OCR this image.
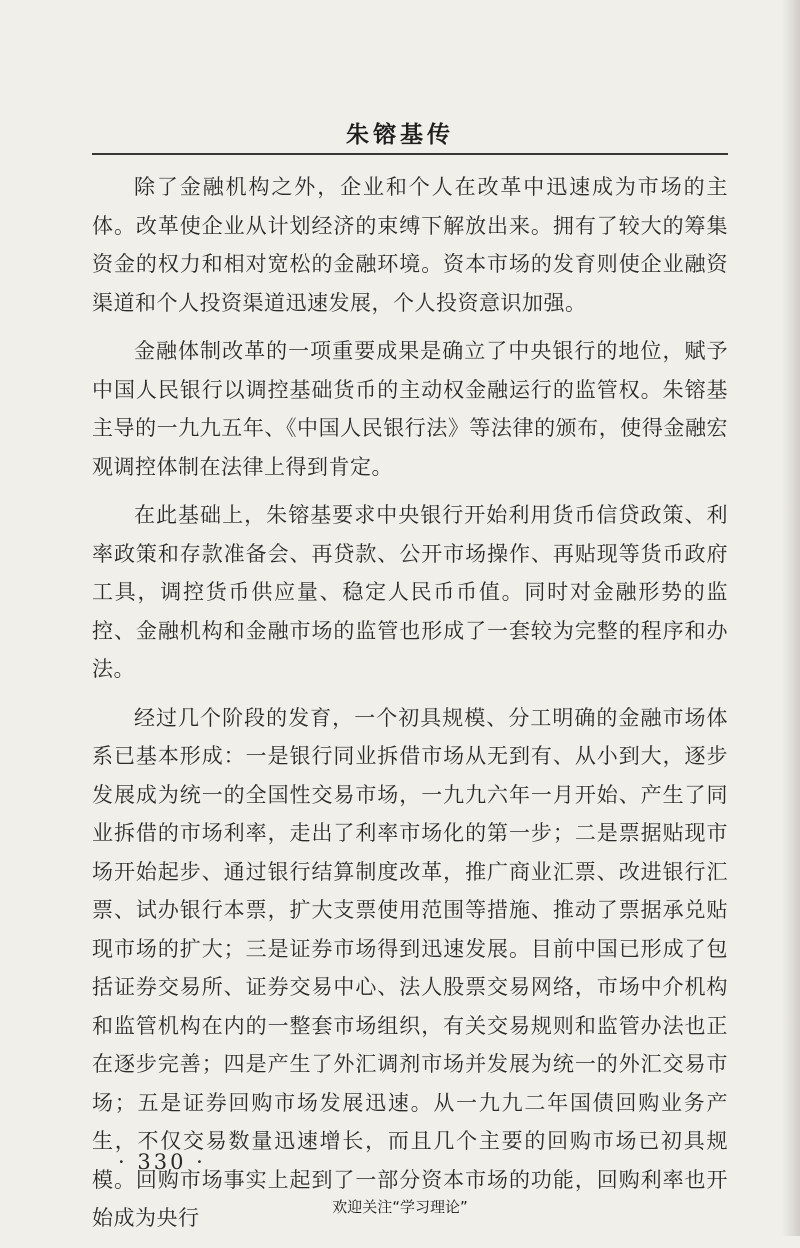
朱镕基传

除了金融机构之外，企业和个人在改革中迅速成为市场的主体。改革使企业从计划经济的束缚下解放出来。拥有了较大的筹集资金的权力和相对宽松的金融环境。资本市场的发育则使企业融资渠道和个人投资渠道迅速发展，个人投资意识加强。

金融体制改革的一项重要成果是确立了中央银行的地位，赋予中国人民银行以调控基础货币的主动权金融运行的监管权。朱镕基主导的一九九五年、《中国人民银行法》等法律的颁布，使得金融宏观调控体制在法律上得到肯定。

在此基础上，朱镕基要求中央银行开始利用货币信贷政策、利率政策和存款准备会、再贷款、公开市场操作、再贴现等货币政府工具，调控货币供应量、稳定人民币币值。同时对金融形势的监控、金融机构和金融市场的监管也形成了一套较为完整的程序和办法。

经过几个阶段的发育，一个初具规模、分工明确的金融市场体系已基本形成：一是银行同业拆借市场从无到有、从小到大，逐步发展成为统一的全国性交易市场，一九九六年一月开始、产生了同业拆借的市场利率，走出了利率市场化的第一步；二是票据贴现市场开始起步、通过银行结算制度改革，推广商业汇票、改进银行汇票、试办银行本票，扩大支票使用范围等措施、推动了票据承兑贴现市场的扩大；三是证券市场得到迅速发展。目前中国已形成了包括证券交易所、证券交易中心、法人股票交易网络，市场中介机构和监管机构在内的一整套市场组织，有关交易规则和监管办法也正在逐步完善；四是产生了外汇调剂市场并发展为统一的外汇交易市场；五是证券回购市场发展迅速。从一九九二年国债回购业务产生，不仅交易数量迅速增长，而且几个主要的回购市场已初具规模。回购市场事实上起到了一部分资本市场的功能，回购利率也开始成为央行

· 330 ·
欢迎关注“学习理论”
